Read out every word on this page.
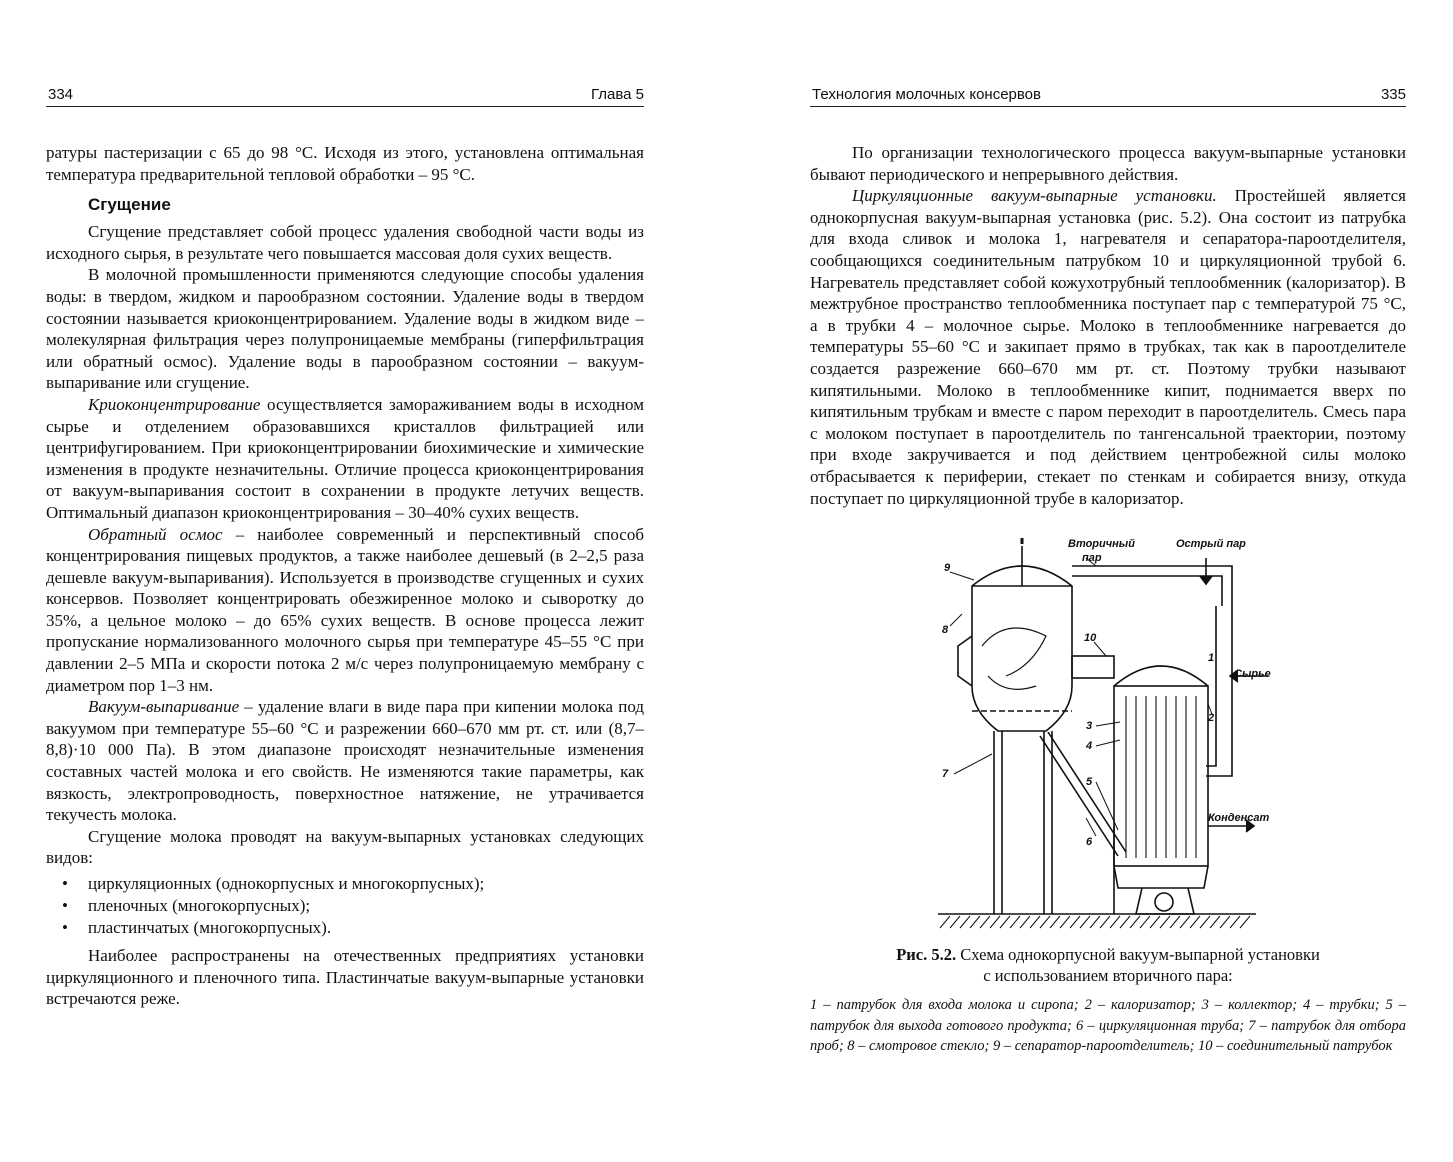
334	Глава 5

ратуры пастеризации с 65 до 98 °С. Исходя из этого, установлена оптимальная температура предварительной тепловой обработки – 95 °С.

Сгущение

Сгущение представляет собой процесс удаления свободной части воды из исходного сырья, в результате чего повышается массовая доля сухих веществ.

В молочной промышленности применяются следующие способы удаления воды: в твердом, жидком и парообразном состоянии. Удаление воды в твердом состоянии называется криоконцентрированием. Удаление воды в жидком виде – молекулярная фильтрация через полупроницаемые мембраны (гиперфильтрация или обратный осмос). Удаление воды в парообразном состоянии – вакуум-выпаривание или сгущение.

Криоконцентрирование осуществляется замораживанием воды в исходном сырье и отделением образовавшихся кристаллов фильтрацией или центрифугированием. При криоконцентрировании биохимические и химические изменения в продукте незначительны. Отличие процесса криоконцентрирования от вакуум-выпаривания состоит в сохранении в продукте летучих веществ. Оптимальный диапазон криоконцентрирования – 30–40% сухих веществ.

Обратный осмос – наиболее современный и перспективный способ концентрирования пищевых продуктов, а также наиболее дешевый (в 2–2,5 раза дешевле вакуум-выпаривания). Используется в производстве сгущенных и сухих консервов. Позволяет концентрировать обезжиренное молоко и сыворотку до 35%, а цельное молоко – до 65% сухих веществ. В основе процесса лежит пропускание нормализованного молочного сырья при температуре 45–55 °С при давлении 2–5 МПа и скорости потока 2 м/с через полупроницаемую мембрану с диаметром пор 1–3 нм.

Вакуум-выпаривание – удаление влаги в виде пара при кипении молока под вакуумом при температуре 55–60 °С и разрежении 660–670 мм рт. ст. или (8,7–8,8)·10 000 Па). В этом диапазоне происходят незначительные изменения составных частей молока и его свойств. Не изменяются такие параметры, как вязкость, электропроводность, поверхностное натяжение, не утрачивается текучесть молока.

Сгущение молока проводят на вакуум-выпарных установках следующих видов:

• циркуляционных (однокорпусных и многокорпусных);
• пленочных (многокорпусных);
• пластинчатых (многокорпусных).

Наиболее распространены на отечественных предприятиях установки циркуляционного и пленочного типа. Пластинчатые вакуум-выпарные установки встречаются реже.

Технология молочных консервов	335

По организации технологического процесса вакуум-выпарные установки бывают периодического и непрерывного действия.

Циркуляционные вакуум-выпарные установки. Простейшей является однокорпусная вакуум-выпарная установка (рис. 5.2). Она состоит из патрубка для входа сливок и молока 1, нагревателя и сепаратора-пароотделителя, сообщающихся соединительным патрубком 10 и циркуляционной трубой 6. Нагреватель представляет собой кожухотрубный теплообменник (калоризатор). В межтрубное пространство теплообменника поступает пар с температурой 75 °С, а в трубки 4 – молочное сырье. Молоко в теплообменнике нагревается до температуры 55–60 °С и закипает прямо в трубках, так как в пароотделителе создается разрежение 660–670 мм рт. ст. Поэтому трубки называют кипятильными. Молоко в теплообменнике кипит, поднимается вверх по кипятильным трубкам и вместе с паром переходит в пароотделитель. Смесь пара с молоком поступает в пароотделитель по тангенсальной траектории, поэтому при входе закручивается и под действием центробежной силы молоко отбрасывается к периферии, стекает по стенкам и собирается внизу, откуда поступает по циркуляционной трубе в калоризатор.

Вторичный
пар
Острый пар
Сырье
Конденсат
9
8
7
10
1
2
3
4
5
6
Рис. 5.2. Схема однокорпусной вакуум-выпарной установки
с использованием вторичного пара:
1 – патрубок для входа молока и сиропа; 2 – калоризатор; 3 – коллектор; 4 – трубки; 5 – патрубок для выхода готового продукта; 6 – циркуляционная труба; 7 – патрубок для отбора проб; 8 – смотровое стекло; 9 – сепаратор-пароотделитель; 10 – соединительный патрубок
